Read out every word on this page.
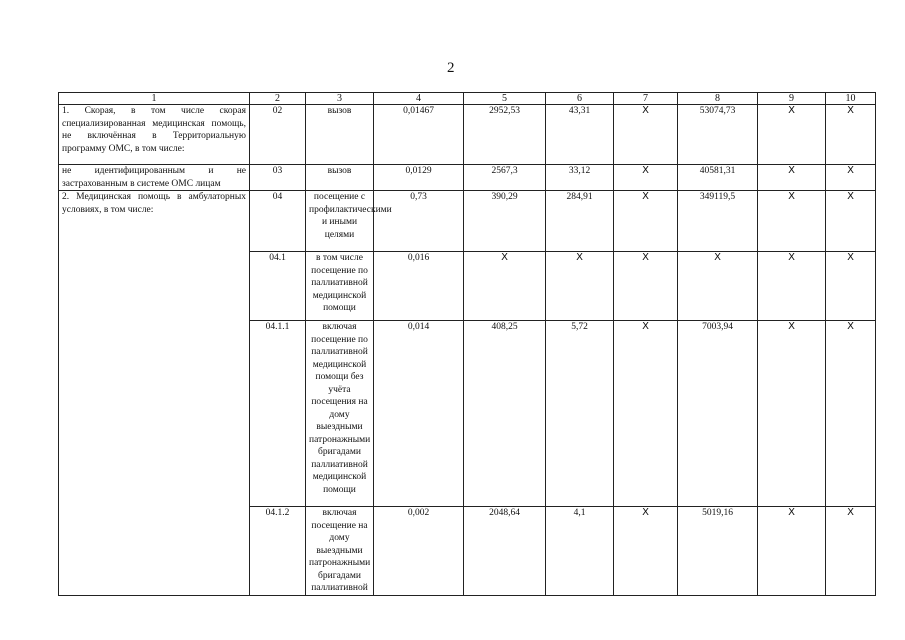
2
1	2	3	4	5	6	7	8	9	10
1. Скорая, в том числе скорая специализированная медицинская помощь, не включённая в Территориальную программу ОМС, в том числе:	02	вызов	0,01467	2952,53	43,31	X	53074,73	X	X
не идентифицированным и не застрахованным в системе ОМС лицам	03	вызов	0,0129	2567,3	33,12	X	40581,31	X	X
2. Медицинская помощь в амбулаторных условиях, в том числе:	04	посещение с профилактическими и иными целями	0,73	390,29	284,91	X	349119,5	X	X
	04.1	в том числе посещение по паллиативной медицинской помощи	0,016	X	X	X	X	X	X
	04.1.1	включая посещение по паллиативной медицинской помощи без учёта посещения на дому выездными патронажными бригадами паллиативной медицинской помощи	0,014	408,25	5,72	X	7003,94	X	X
	04.1.2	включая посещение на дому выездными патронажными бригадами паллиативной	0,002	2048,64	4,1	X	5019,16	X	X
